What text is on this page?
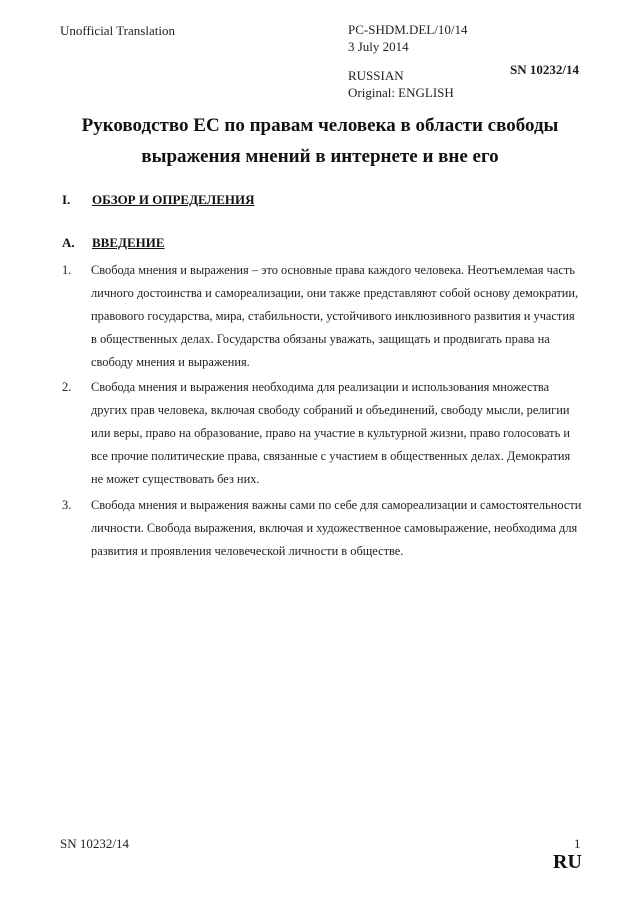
Unofficial Translation	PC-SHDM.DEL/10/14
3 July 2014
RUSSIAN
Original: ENGLISH
SN 10232/14
Руководство ЕС по правам человека в области свободы
выражения мнений в интернете и вне его
I. ОБЗОР И ОПРЕДЕЛЕНИЯ
A. ВВЕДЕНИЕ
1. Свобода мнения и выражения – это основные права каждого человека. Неотъемлемая часть личного достоинства и самореализации, они также представляют собой основу демократии, правового государства, мира, стабильности, устойчивого инклюзивного развития и участия в общественных делах. Государства обязаны уважать, защищать и продвигать права на свободу мнения и выражения.
2. Свобода мнения и выражения необходима для реализации и использования множества других прав человека, включая свободу собраний и объединений, свободу мысли, религии или веры, право на образование, право на участие в культурной жизни, право голосовать и все прочие политические права, связанные с участием в общественных делах. Демократия не может существовать без них.
3. Свобода мнения и выражения важны сами по себе для самореализации и самостоятельности личности. Свобода выражения, включая и художественное самовыражение, необходима для развития и проявления человеческой личности в обществе.
SN 10232/14	1
RU
